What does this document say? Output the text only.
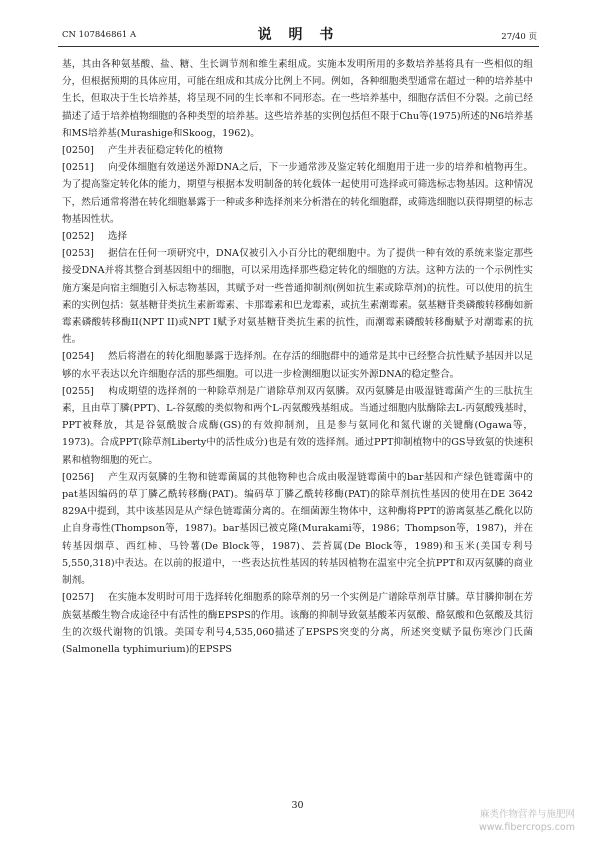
CN 107846861 A	说 明 书	27/40 页

基，其由各种氨基酸、盐、糖、生长调节剂和维生素组成。实施本发明所用的多数培养基将具有一些相似的组分，但根据预期的具体应用，可能在组成和其成分比例上不同。例如，各种细胞类型通常在超过一种的培养基中生长，但取决于生长培养基，将呈现不同的生长率和不同形态。在一些培养基中，细胞存活但不分裂。之前已经描述了适于培养植物细胞的各种类型的培养基。这些培养基的实例包括但不限于Chu等(1975)所述的N6培养基和MS培养基(Murashige和Skoog，1962)。

[0250] 产生并表征稳定转化的植物

[0251] 向受体细胞有效递送外源DNA之后，下一步通常涉及鉴定转化细胞用于进一步的培养和植物再生。为了提高鉴定转化体的能力，期望与根据本发明制备的转化载体一起使用可选择或可筛选标志物基因。这种情况下，然后通常将潜在转化细胞暴露于一种或多种选择剂来分析潜在的转化细胞群，或筛选细胞以获得期望的标志物基因性状。

[0252] 选择

[0253] 据信在任何一项研究中，DNA仅被引入小百分比的靶细胞中。为了提供一种有效的系统来鉴定那些接受DNA并将其整合到基因组中的细胞，可以采用选择那些稳定转化的细胞的方法。这种方法的一个示例性实施方案是向宿主细胞引入标志物基因，其赋予对一些普通抑制剂(例如抗生素或除草剂)的抗性。可以使用的抗生素的实例包括：氨基糖苷类抗生素新霉素、卡那霉素和巴龙霉素，或抗生素潮霉素。氨基糖苷类磷酸转移酶如新霉素磷酸转移酶II(NPT II)或NPT I赋予对氨基糖苷类抗生素的抗性，而潮霉素磷酸转移酶赋予对潮霉素的抗性。

[0254] 然后将潜在的转化细胞暴露于选择剂。在存活的细胞群中的通常是其中已经整合抗性赋予基因并以足够的水平表达以允许细胞存活的那些细胞。可以进一步检测细胞以证实外源DNA的稳定整合。

[0255] 构成期望的选择剂的一种除草剂是广谱除草剂双丙氨膦。双丙氨膦是由吸湿链霉菌产生的三肽抗生素，且由草丁膦(PPT)、L-谷氨酸的类似物和两个L-丙氨酸残基组成。当通过细胞内肽酶除去L-丙氨酸残基时，PPT被释放，其是谷氨酰胺合成酶(GS)的有效抑制剂，且是参与氨同化和氮代谢的关键酶(Ogawa等，1973)。合成PPT(除草剂Liberty中的活性成分)也是有效的选择剂。通过PPT抑制植物中的GS导致氨的快速积累和植物细胞的死亡。

[0256] 产生双丙氨膦的生物和链霉菌属的其他物种也合成由吸湿链霉菌中的bar基因和产绿色链霉菌中的pat基因编码的草丁膦乙酰转移酶(PAT)。编码草丁膦乙酰转移酶(PAT)的除草剂抗性基因的使用在DE 3642 829A中提到，其中该基因是从产绿色链霉菌分离的。在细菌源生物体中，这种酶将PPT的游离氨基乙酰化以防止自身毒性(Thompson等，1987)。bar基因已被克隆(Murakami等，1986；Thompson等，1987)，并在转基因烟草、西红柿、马铃薯(De Block等，1987)、芸苔属(De Block等，1989)和玉米(美国专利号5,550,318)中表达。在以前的报道中，一些表达抗性基因的转基因植物在温室中完全抗PPT和双丙氨膦的商业制剂。

[0257] 在实施本发明时可用于选择转化细胞系的除草剂的另一个实例是广谱除草剂草甘膦。草甘膦抑制在芳族氨基酸生物合成途径中有活性的酶EPSPS的作用。该酶的抑制导致氨基酸苯丙氨酸、酪氨酸和色氨酸及其衍生的次级代谢物的饥饿。美国专利号4,535,060描述了EPSPS突变的分离，所述突变赋予鼠伤寒沙门氏菌(Salmonella typhimurium)的EPSPS

30
麻类作物营养与施肥网
www.fibercrops.com
